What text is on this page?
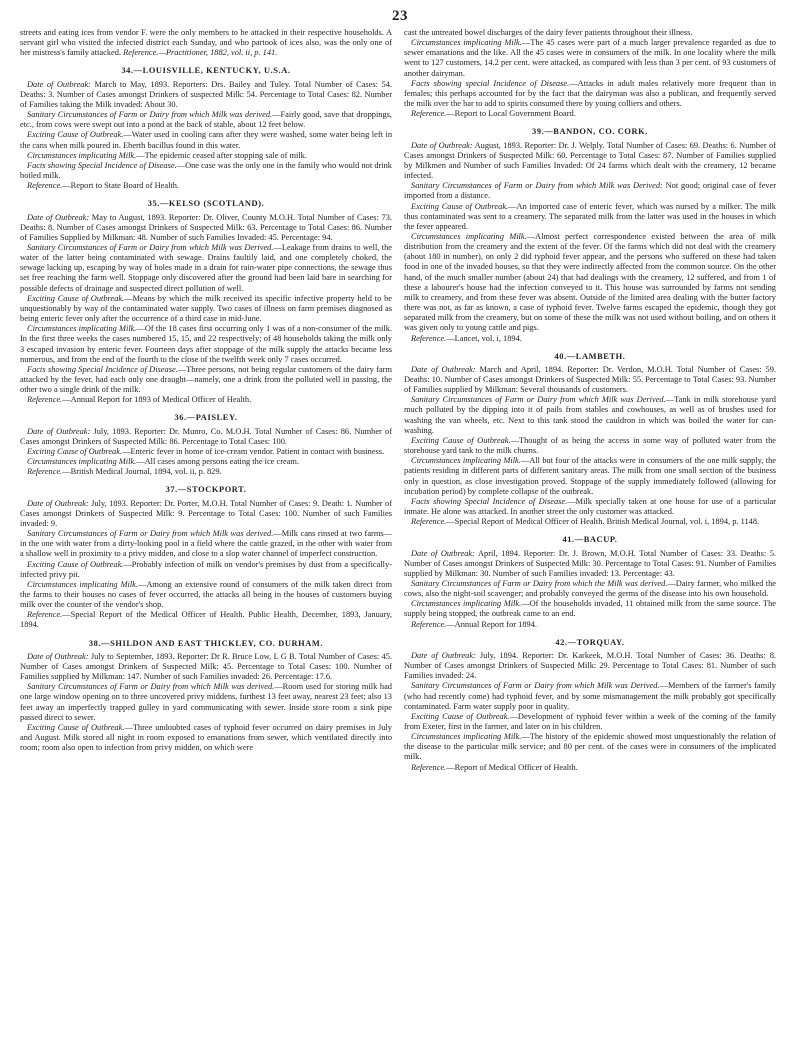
23

streets and eating ices from vendor F. were the only members to be attacked in their respective households. A servant girl who visited the infected district each Sunday, and who partook of ices also, was the only one of her mistress's family attacked. Reference.—Practitioner, 1882, vol. ii, p. 141.

34.—LOUISVILLE, KENTUCKY, U.S.A.

Date of Outbreak: March to May, 1893. Reporters: Drs. Bailey and Tuley. Total Number of Cases: 54. Deaths: 3. Number of Cases amongst Drinkers of suspected Milk: 54. Percentage to Total Cases: 82. Number of Families taking the Milk invaded: About 30.

Sanitary Circumstances of Farm or Dairy from which Milk was derived.—Fairly good, save that droppings, etc., from cows were swept out into a pond at the back of stable, about 12 feet below.

Exciting Cause of Outbreak.—Water used in cooling cans after they were washed, some water being left in the cans when milk poured in. Eberth bacillus found in this water.

Circumstances implicating Milk.—The epidemic ceased after stopping sale of milk.

Facts showing Special Incidence of Disease.—One case was the only one in the family who would not drink boiled milk.

Reference.—Report to State Board of Health.

35.—KELSO (SCOTLAND).

Date of Outbreak: May to August, 1893. Reporter: Dr. Oliver, County M.O.H. Total Number of Cases: 73. Deaths: 8. Number of Cases amongst Drinkers of Suspected Milk: 63. Percentage to Total Cases: 86. Number of Families Supplied by Milkman: 48. Number of such Families Invaded: 45. Percentage: 94.

Sanitary Circumstances of Farm or Dairy from which Milk was Derived.—Leakage from drains to well, the water of the latter being contaminated with sewage. Drains faultily laid, and one completely choked, the sewage lacking up, escaping by way of holes made in a drain for rain-water pipe connections, the sewage thus set free reaching the farm well. Stoppage only discovered after the ground had been laid bare in searching for possible defects of drainage and suspected direct pollution of well.

Exciting Cause of Outbreak.—Means by which the milk received its specific infective property held to be unquestionably by way of the contaminated water supply. Two cases of illness on farm premises diagnosed as being enteric fever only after the occurrence of a third case in mid-June.

Circumstances implicating Milk.—Of the 18 cases first occurring only 1 was of a non-consumer of the milk. In the first three weeks the cases numbered 15, 15, and 22 respectively; of 48 households taking the milk only 3 escaped invasion by enteric fever. Fourteen days after stoppage of the milk supply the attacks became less numerous, and from the end of the fourth to the close of the twelfth week only 7 cases occurred.

Facts showing Special Incidence of Disease.—Three persons, not being regular customers of the dairy farm attacked by the fever, had each only one draught—namely, one a drink from the polluted well in passing, the other two a single drink of the milk.

Reference.—Annual Report for 1893 of Medical Officer of Health.

36.—PAISLEY.

Date of Outbreak: July, 1893. Reporter: Dr. Munro, Co. M.O.H. Total Number of Cases: 86. Number of Cases amongst Drinkers of Suspected Milk: 86. Percentage to Total Cases: 100.

Exciting Cause of Outbreak.—Enteric fever in home of ice-cream vendor. Patient in contact with business.

Circumstances implicating Milk.—All cases among persons eating the ice cream.

Reference.—British Medical Journal, 1894, vol. ii, p. 829.

37.—STOCKPORT.

Date of Outbreak: July, 1893. Reporter: Dr. Porter, M.O.H. Total Number of Cases: 9. Death: 1. Number of Cases amongst Drinkers of Suspected Milk: 9. Percentage to Total Cases: 100. Number of such Families invaded: 9.

Sanitary Circumstances of Farm or Dairy from which Milk was derived.—Milk cans rinsed at two farms—in the one with water from a dirty-looking pool in a field where the cattle grazed, in the other with water from a shallow well in proximity to a privy midden, and close to a slop water channel of imperfect construction.

Exciting Cause of Outbreak.—Probably infection of milk on vendor's premises by dust from a specifically-infected privy pit.

Circumstances implicating Milk.—Among an extensive round of consumers of the milk taken direct from the farms to their houses no cases of fever occurred, the attacks all being in the houses of customers buying milk over the counter of the vendor's shop.

Reference.—Special Report of the Medical Officer of Health. Public Health, December, 1893, January, 1894.

38.—SHILDON AND EAST THICKLEY, CO. DURHAM.

Date of Outbreak: July to September, 1893. Reporter: Dr R. Bruce Low, L G B. Total Number of Cases: 45. Number of Cases amongst Drinkers of Suspected Milk: 45. Percentage to Total Cases: 100. Number of Families supplied by Milkman: 147. Number of such Families invaded: 26. Percentage: 17.6.

Sanitary Circumstances of Farm or Dairy from which Milk was derived.—Room used for storing milk had one large window opening on to three uncovered privy middens, furthest 13 feet away, nearest 23 feet; also 13 feet away an imperfectly trapped gulley in yard communicating with sewer. Inside store room a sink pipe passed direct to sewer.

Exciting Cause of Outbreak.—Three undoubted cases of typhoid fever occurred on dairy premises in July and August. Milk stored all night in room exposed to emanations from sewer, which ventilated directly into room; room also open to infection from privy midden, on which were

cast the untreated bowel discharges of the dairy fever patients throughout their illness.

Circumstances implicating Milk.—The 45 cases were part of a much larger prevalence regarded as due to sewer emanations and the like. All the 45 cases were in consumers of the milk. In one locality where the milk went to 127 customers, 14.2 per cent. were attacked, as compared with less than 3 per cent. of 93 customers of another dairyman.

Facts showing special Incidence of Disease.—Attacks in adult males relatively more frequent than in females; this perhaps accounted for by the fact that the dairyman was also a publican, and frequently served the milk over the bar to add to spirits consumed there by young colliers and others.

Reference.—Report to Local Government Board.

39.—BANDON, CO. CORK.

Date of Outbreak: August, 1893. Reporter: Dr. J. Welply. Total Number of Cases: 69. Deaths: 6. Number of Cases amongst Drinkers of Suspected Milk: 60. Percentage to Total Cases: 87. Number of Families supplied by Milkmen and Number of such Families Invaded: Of 24 farms which dealt with the creamery, 12 became infected.

Sanitary Circumstances of Farm or Dairy from which Milk was Derived: Not good; original case of fever imported from a distance.

Exciting Cause of Outbreak.—An imported case of enteric fever, which was nursed by a milker. The milk thus contaminated was sent to a creamery. The separated milk from the latter was used in the houses in which the fever appeared.

Circumstances implicating Milk.—Almost perfect correspondence existed between the area of milk distribution from the creamery and the extent of the fever. Of the farms which did not deal with the creamery (about 180 in number), on only 2 did typhoid fever appear, and the persons who suffered on these had taken food in one of the invaded houses, so that they were indirectly affected from the common source. On the other hand, of the much smaller number (about 24) that had dealings with the creamery, 12 suffered, and from 1 of these a labourer's house had the infection conveyed to it. This house was surrounded by farms not sending milk to creamery, and from these fever was absent. Outside of the limited area dealing with the butter factory there was not, as far as known, a case of typhoid fever. Twelve farms escaped the epidemic, though they got separated milk from the creamery, but on some of these the milk was not used without boiling, and on others it was given only to young cattle and pigs.

Reference.—Lancet, vol. i, 1894.

40.—LAMBETH.

Date of Outbreak: March and April, 1894. Reporter: Dr. Verdon, M.O.H. Total Number of Cases: 59. Deaths: 10. Number of Cases amongst Drinkers of Suspected Milk: 55. Percentage to Total Cases: 93. Number of Families supplied by Milkman: Several thousands of customers.

Sanitary Circumstances of Farm or Dairy from which Milk was Derived.—Tank in milk storehouse yard much polluted by the dipping into it of pails from stables and cowhouses, as well as of brushes used for washing the van wheels, etc. Next to this tank stood the cauldron in which was boiled the water for can-washing.

Exciting Cause of Outbreak.—Thought of as being the access in some way of polluted water from the storehouse yard tank to the milk churns.

Circumstances implicating Milk.—All but four of the attacks were in consumers of the one milk supply, the patients residing in different parts of different sanitary areas. The milk from one small section of the business only in question, as close investigation proved. Stoppage of the supply immediately followed (allowing for incubation period) by complete collapse of the outbreak.

Facts showing Special Incidence of Disease.—Milk specially taken at one house for use of a particular inmate. He alone was attacked. In another street the only customer was attacked.

Reference.—Special Report of Medical Officer of Health. British Medical Journal, vol. i, 1894, p. 1148.

41.—BACUP.

Date of Outbreak: April, 1894. Reporter: Dr. J. Brown, M.O.H. Total Number of Cases: 33. Deaths: 5. Number of Cases amongst Drinkers of Suspected Milk: 30. Percentage to Total Cases: 91. Number of Families supplied by Milkman: 30. Number of such Families invaded: 13. Percentage: 43.

Sanitary Circumstances of Farm or Dairy from which the Milk was derived.—Dairy farmer, who milked the cows, also the night-soil scavenger; and probably conveyed the germs of the disease into his own household.

Circumstances implicating Milk.—Of the households invaded, 11 obtained milk from the same source. The supply being stopped, the outbreak came to an end.

Reference.—Annual Report for 1894.

42.—TORQUAY.

Date of Outbreak: July, 1894. Reporter: Dr. Karkeek, M.O.H. Total Number of Cases: 36. Deaths: 8. Number of Cases amongst Drinkers of Suspected Milk: 29. Percentage to Total Cases: 81. Number of such Families invaded: 24.

Sanitary Circumstances of Farm or Dairy from which Milk was Derived.—Members of the farmer's family (who had recently come) had typhoid fever, and by some mismanagement the milk probably got specifically contaminated. Farm water supply poor in quality.

Exciting Cause of Outbreak.—Development of typhoid fever within a week of the coming of the family from Exeter, first in the farmer, and later on in his children.

Circumstances implicating Milk.—The history of the epidemic showed most unquestionably the relation of the disease to the particular milk service; and 80 per cent. of the cases were in consumers of the implicated milk.

Reference.—Report of Medical Officer of Health.
